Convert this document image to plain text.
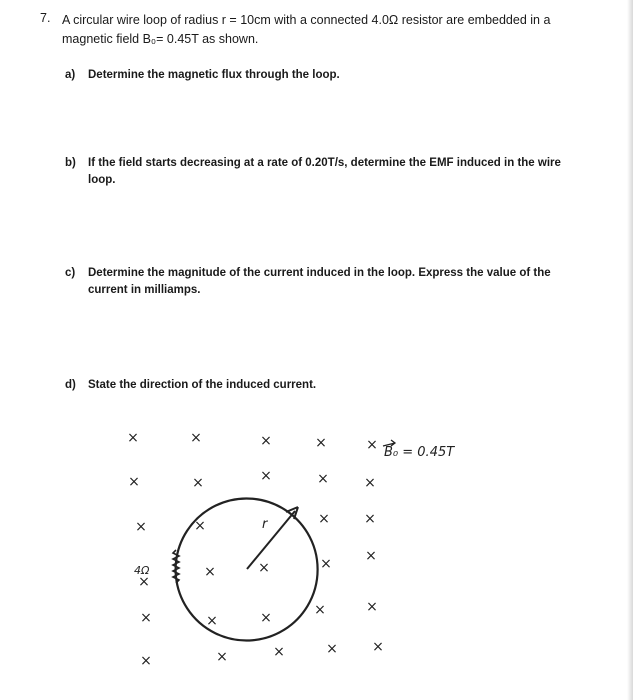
7. A circular wire loop of radius r = 10cm with a connected 4.0Ω resistor are embedded in a
magnetic field B₀= 0.45T as shown.
a)	Determine the magnetic flux through the loop.
b)	If the field starts decreasing at a rate of 0.20T/s, determine the EMF induced in the wire loop.
c)	Determine the magnitude of the current induced in the loop. Express the value of the current in milliamps.
d)	State the direction of the induced current.
×	×	×	×	×
×	×	×	×	×
×	×	× ×
×
×	×	× ×
×	×	×	×	×
×	×	×	× ×
B₀ = 0.45T
r
4Ω
